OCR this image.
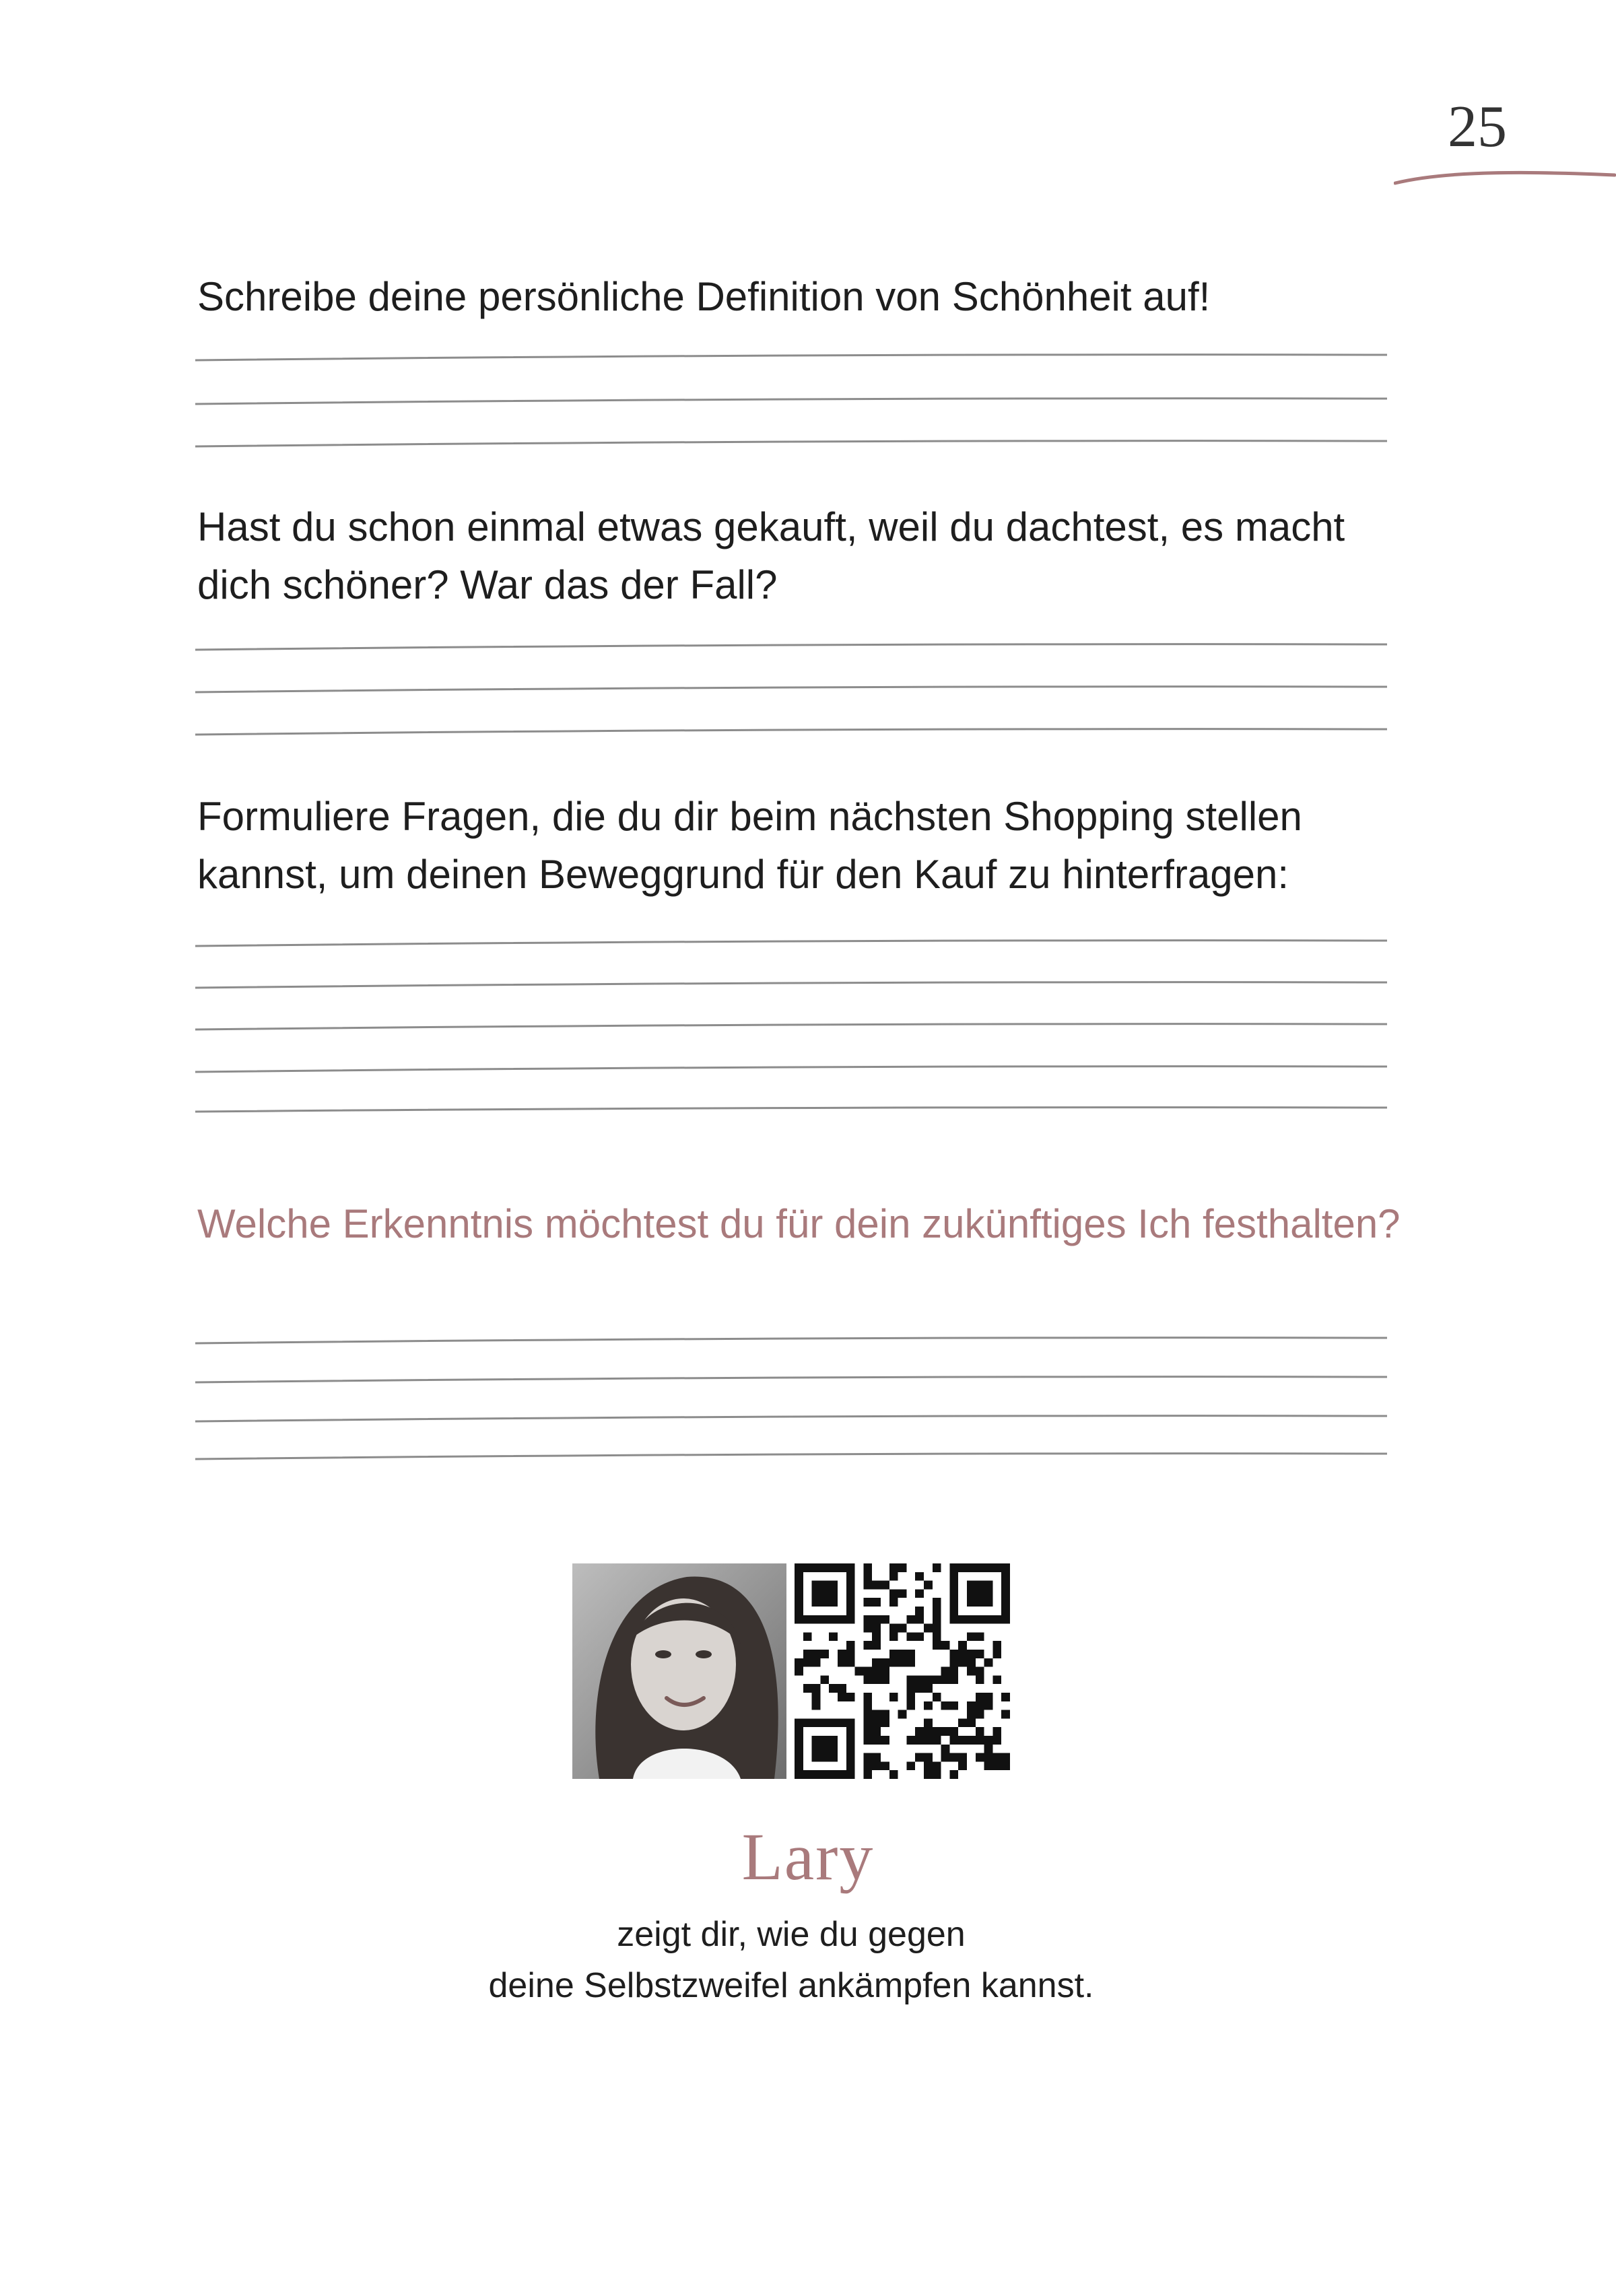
25

Schreibe deine persönliche Definition von Schönheit auf!

Hast du schon einmal etwas gekauft, weil du dachtest, es macht dich schöner? War das der Fall?

Formuliere Fragen, die du dir beim nächsten Shopping stellen kannst, um deinen Beweggrund für den Kauf zu hinterfragen:

Welche Erkenntnis möchtest du für dein zukünftiges Ich festhalten?

Lary
zeigt dir, wie du gegen
deine Selbstzweifel ankämpfen kannst.
